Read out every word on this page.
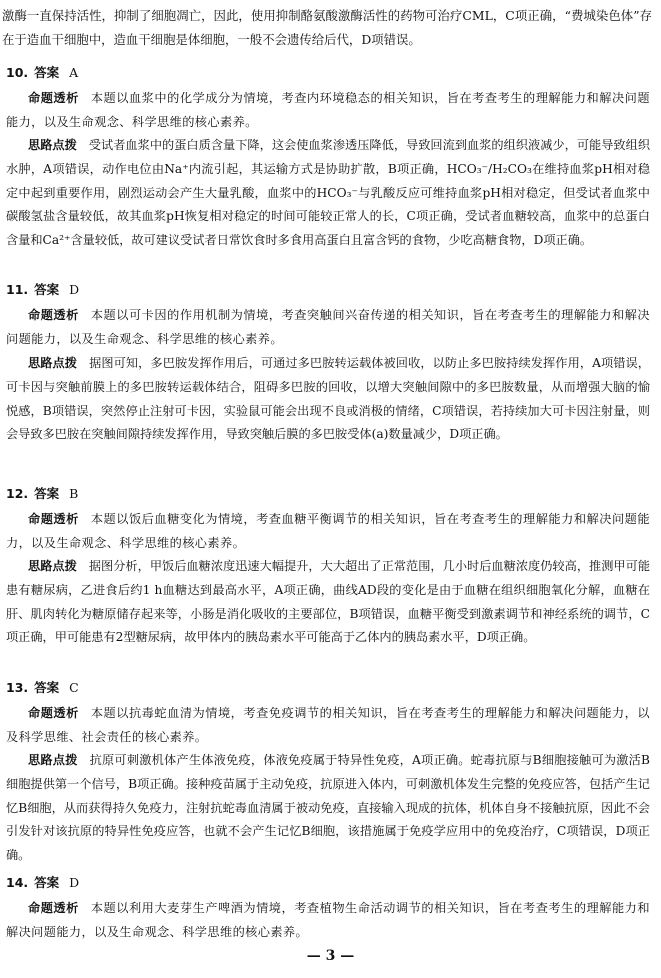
激酶一直保持活性，抑制了细胞凋亡，因此，使用抑制酪氨酸激酶活性的药物可治疗CML，C项正确，“费城染色体”存在于造血干细胞中，造血干细胞是体细胞，一般不会遗传给后代，D项错误。

10. 答案 A

命题透析 本题以血浆中的化学成分为情境，考查内环境稳态的相关知识，旨在考查考生的理解能力和解决问题能力，以及生命观念、科学思维的核心素养。

思路点拨 受试者血浆中的蛋白质含量下降，这会使血浆渗透压降低，导致回流到血浆的组织液减少，可能导致组织水肿，A项错误，动作电位由Na⁺内流引起，其运输方式是协助扩散，B项正确，HCO₃⁻/H₂CO₃在维持血浆pH相对稳定中起到重要作用，剧烈运动会产生大量乳酸，血浆中的HCO₃⁻与乳酸反应可维持血浆pH相对稳定，但受试者血浆中碳酸氢盐含量较低，故其血浆pH恢复相对稳定的时间可能较正常人的长，C项正确，受试者血糖较高，血浆中的总蛋白含量和Ca²⁺含量较低，故可建议受试者日常饮食时多食用高蛋白且富含钙的食物，少吃高糖食物，D项正确。

11. 答案 D

命题透析 本题以可卡因的作用机制为情境，考查突触间兴奋传递的相关知识，旨在考查考生的理解能力和解决问题能力，以及生命观念、科学思维的核心素养。

思路点拨 据图可知，多巴胺发挥作用后，可通过多巴胺转运载体被回收，以防止多巴胺持续发挥作用，A项错误，可卡因与突触前膜上的多巴胺转运载体结合，阻碍多巴胺的回收，以增大突触间隙中的多巴胺数量，从而增强大脑的愉悦感，B项错误，突然停止注射可卡因，实验鼠可能会出现不良或消极的情绪，C项错误，若持续加大可卡因注射量，则会导致多巴胺在突触间隙持续发挥作用，导致突触后膜的多巴胺受体(a)数量减少，D项正确。

12. 答案 B

命题透析 本题以饭后血糖变化为情境，考查血糖平衡调节的相关知识，旨在考查考生的理解能力和解决问题能力，以及生命观念、科学思维的核心素养。

思路点拨 据图分析，甲饭后血糖浓度迅速大幅提升，大大超出了正常范围，几小时后血糖浓度仍较高，推测甲可能患有糖尿病，乙进食后约1 h血糖达到最高水平，A项正确，曲线AD段的变化是由于血糖在组织细胞氧化分解，血糖在肝、肌肉转化为糖原储存起来等，小肠是消化吸收的主要部位，B项错误，血糖平衡受到激素调节和神经系统的调节，C项正确，甲可能患有2型糖尿病，故甲体内的胰岛素水平可能高于乙体内的胰岛素水平，D项正确。

13. 答案 C

命题透析 本题以抗毒蛇血清为情境，考查免疫调节的相关知识，旨在考查考生的理解能力和解决问题能力，以及科学思维、社会责任的核心素养。

思路点拨 抗原可刺激机体产生体液免疫，体液免疫属于特异性免疫，A项正确。蛇毒抗原与B细胞接触可为激活B细胞提供第一个信号，B项正确。接种疫苗属于主动免疫，抗原进入体内，可刺激机体发生完整的免疫应答，包括产生记忆B细胞，从而获得持久免疫力，注射抗蛇毒血清属于被动免疫，直接输入现成的抗体，机体自身不接触抗原，因此不会引发针对该抗原的特异性免疫应答，也就不会产生记忆B细胞，该措施属于免疫学应用中的免疫治疗，C项错误，D项正确。

14. 答案 D

命题透析 本题以利用大麦芽生产啤酒为情境，考查植物生命活动调节的相关知识，旨在考查考生的理解能力和解决问题能力，以及生命观念、科学思维的核心素养。

— 3 —
